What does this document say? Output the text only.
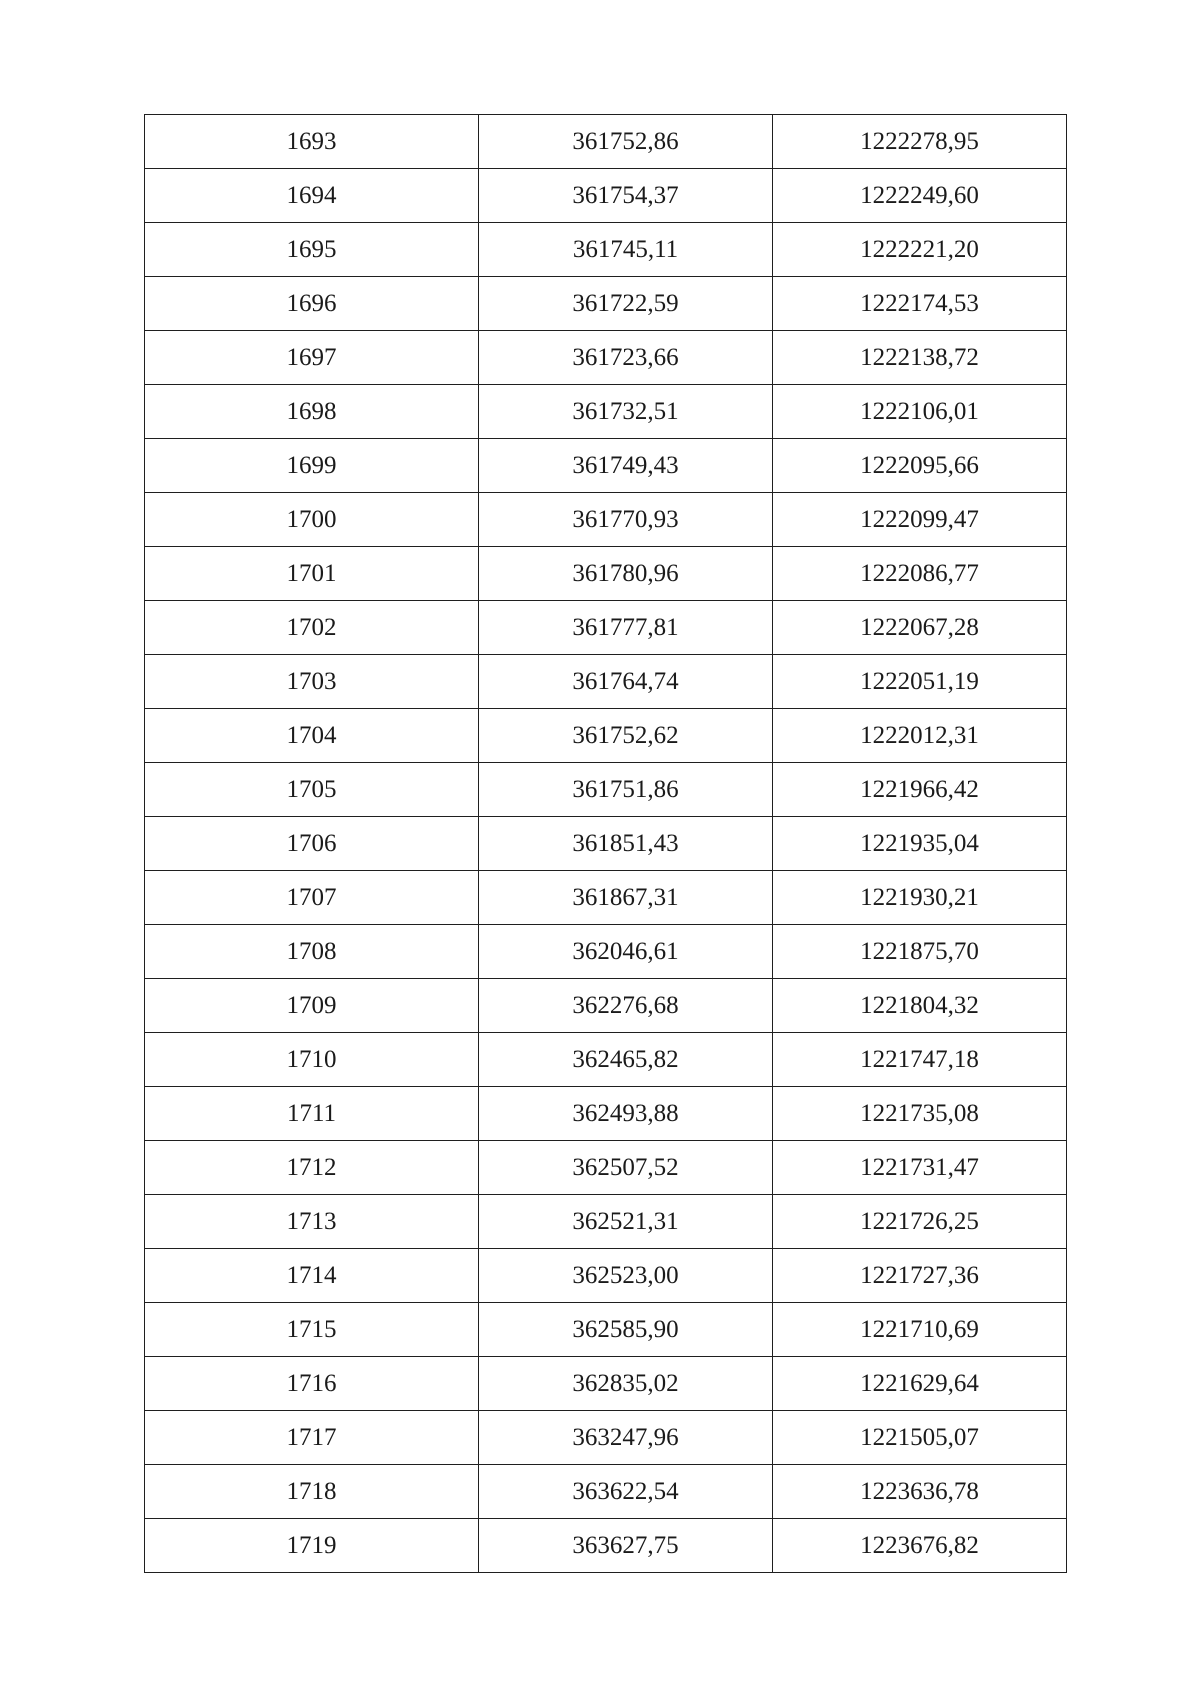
1693	361752,86	1222278,95
1694	361754,37	1222249,60
1695	361745,11	1222221,20
1696	361722,59	1222174,53
1697	361723,66	1222138,72
1698	361732,51	1222106,01
1699	361749,43	1222095,66
1700	361770,93	1222099,47
1701	361780,96	1222086,77
1702	361777,81	1222067,28
1703	361764,74	1222051,19
1704	361752,62	1222012,31
1705	361751,86	1221966,42
1706	361851,43	1221935,04
1707	361867,31	1221930,21
1708	362046,61	1221875,70
1709	362276,68	1221804,32
1710	362465,82	1221747,18
1711	362493,88	1221735,08
1712	362507,52	1221731,47
1713	362521,31	1221726,25
1714	362523,00	1221727,36
1715	362585,90	1221710,69
1716	362835,02	1221629,64
1717	363247,96	1221505,07
1718	363622,54	1223636,78
1719	363627,75	1223676,82
